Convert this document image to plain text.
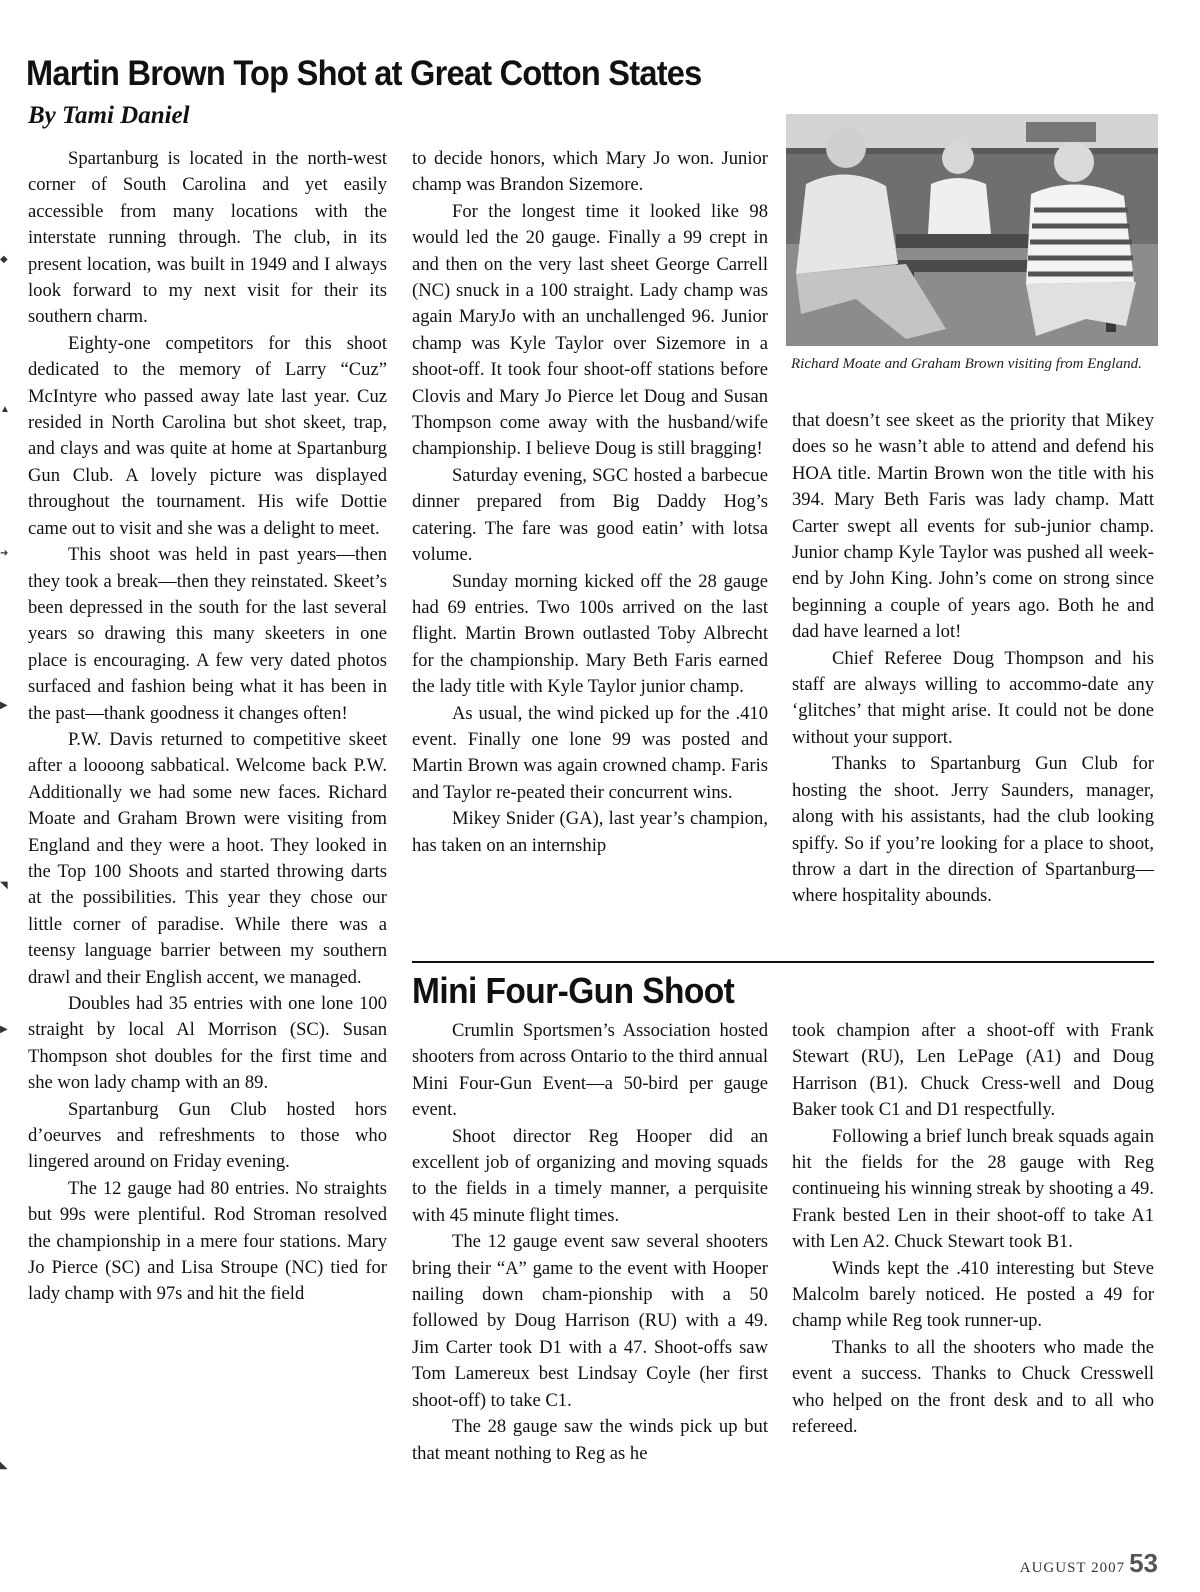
Martin Brown Top Shot at Great Cotton States
By Tami Daniel

Spartanburg is located in the north-west corner of South Carolina and yet easily accessible from many locations with the interstate running through. The club, in its present location, was built in 1949 and I always look forward to my next visit for their its southern charm.

Eighty-one competitors for this shoot dedicated to the memory of Larry “Cuz” McIntyre who passed away late last year. Cuz resided in North Carolina but shot skeet, trap, and clays and was quite at home at Spartanburg Gun Club. A lovely picture was displayed throughout the tournament. His wife Dottie came out to visit and she was a delight to meet.

This shoot was held in past years—then they took a break—then they reinstated. Skeet’s been depressed in the south for the last several years so drawing this many skeeters in one place is encouraging. A few very dated photos surfaced and fashion being what it has been in the past—thank goodness it changes often!

P.W. Davis returned to competitive skeet after a loooong sabbatical. Welcome back P.W. Additionally we had some new faces. Richard Moate and Graham Brown were visiting from England and they were a hoot. They looked in the Top 100 Shoots and started throwing darts at the possibilities. This year they chose our little corner of paradise. While there was a teensy language barrier between my southern drawl and their English accent, we managed.

Doubles had 35 entries with one lone 100 straight by local Al Morrison (SC). Susan Thompson shot doubles for the first time and she won lady champ with an 89.

Spartanburg Gun Club hosted hors d’oeurves and refreshments to those who lingered around on Friday evening.

The 12 gauge had 80 entries. No straights but 99s were plentiful. Rod Stroman resolved the championship in a mere four stations. Mary Jo Pierce (SC) and Lisa Stroupe (NC) tied for lady champ with 97s and hit the field

to decide honors, which Mary Jo won. Junior champ was Brandon Sizemore.

For the longest time it looked like 98 would led the 20 gauge. Finally a 99 crept in and then on the very last sheet George Carrell (NC) snuck in a 100 straight. Lady champ was again MaryJo with an unchallenged 96. Junior champ was Kyle Taylor over Sizemore in a shoot-off. It took four shoot-off stations before Clovis and Mary Jo Pierce let Doug and Susan Thompson come away with the husband/wife championship. I believe Doug is still bragging!

Saturday evening, SGC hosted a barbecue dinner prepared from Big Daddy Hog’s catering. The fare was good eatin’ with lotsa volume.

Sunday morning kicked off the 28 gauge had 69 entries. Two 100s arrived on the last flight. Martin Brown outlasted Toby Albrecht for the championship. Mary Beth Faris earned the lady title with Kyle Taylor junior champ.

As usual, the wind picked up for the .410 event. Finally one lone 99 was posted and Martin Brown was again crowned champ. Faris and Taylor re-peated their concurrent wins.

Mikey Snider (GA), last year’s champion, has taken on an internship

Richard Moate and Graham Brown visiting from England.

that doesn’t see skeet as the priority that Mikey does so he wasn’t able to attend and defend his HOA title. Martin Brown won the title with his 394. Mary Beth Faris was lady champ. Matt Carter swept all events for sub-junior champ. Junior champ Kyle Taylor was pushed all week-end by John King. John’s come on strong since beginning a couple of years ago. Both he and dad have learned a lot!

Chief Referee Doug Thompson and his staff are always willing to accommo-date any ‘glitches’ that might arise. It could not be done without your support.

Thanks to Spartanburg Gun Club for hosting the shoot. Jerry Saunders, manager, along with his assistants, had the club looking spiffy. So if you’re looking for a place to shoot, throw a dart in the direction of Spartanburg—where hospitality abounds.

Mini Four-Gun Shoot

Crumlin Sportsmen’s Association hosted shooters from across Ontario to the third annual Mini Four-Gun Event—a 50-bird per gauge event.

Shoot director Reg Hooper did an excellent job of organizing and moving squads to the fields in a timely manner, a perquisite with 45 minute flight times.

The 12 gauge event saw several shooters bring their “A” game to the event with Hooper nailing down cham-pionship with a 50 followed by Doug Harrison (RU) with a 49. Jim Carter took D1 with a 47. Shoot-offs saw Tom Lamereux best Lindsay Coyle (her first shoot-off) to take C1.

The 28 gauge saw the winds pick up but that meant nothing to Reg as he

took champion after a shoot-off with Frank Stewart (RU), Len LePage (A1) and Doug Harrison (B1). Chuck Cress-well and Doug Baker took C1 and D1 respectfully.

Following a brief lunch break squads again hit the fields for the 28 gauge with Reg continueing his winning streak by shooting a 49. Frank bested Len in their shoot-off to take A1 with Len A2. Chuck Stewart took B1.

Winds kept the .410 interesting but Steve Malcolm barely noticed. He posted a 49 for champ while Reg took runner-up.

Thanks to all the shooters who made the event a success. Thanks to Chuck Cresswell who helped on the front desk and to all who refereed.

◆
▲
➜
▶
◥
▶
◣
AUGUST 2007 53
